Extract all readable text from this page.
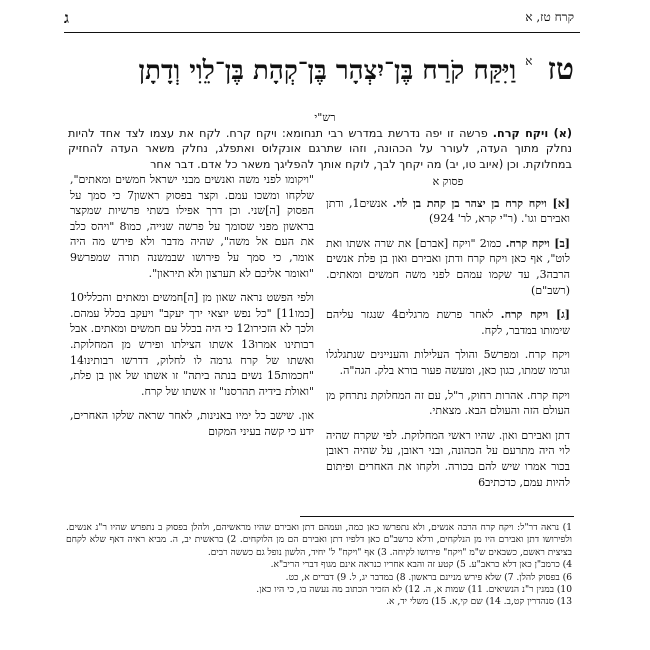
ג	קרח טז, א
טז $^א$ וַיִּקַּח קֹרַח בֶּן־יִצְהָר בֶּן־קְהָת בֶּן־לֵוִי וְדָתָן
רש"י
(א) ויקח קרח. פרשה זו יפה נדרשת במדרש רבי תנחומא: ויקח קרח. לקח את עצמו לצד אחד להיות נחלק מתוך העדה, לעורר על הכהונה, וזהו שתרגם אונקלוס ואתפלג, נחלק משאר העדה להחזיק במחלוקת. וכן (איוב טו, יב) מה יקחך לבך, לוקח אותך להפליגך משאר כל אדם. דבר אחר
פסוק א

[א] ויקח קרח בן יצהר בן קהת בן לוי. אנשים1, ודתן ואבירם וגו'. (ר"י קרא, לר' 924)

[ב] ויקח קרח. כמו2 "ויקח [אברם] את שרה אשתו ואת לוט", אף כאן ויקח קרח ודתן ואבירם ואון בן פלת אנשים הרבה3, עד שקמו עמהם לפני משה חמשים ומאתים. (רשב"ם)

[ג] ויקח קרח. לאחר פרשת מרגלים4 שנגזר עליהם שימותו במדבר, לקח.

ויקח קרח. ומפרש5 והולך העלילות והעניינים שנתגלגלו וגרמו שמתו, כגון כאן, ומעשה פעור בורא בלק. הגה"ה.

ויקח קרח. אהרות רחוק, ר"ל, עם זה המחלוקת נתרחק מן העולם הזה והעולם הבא. מצאתי.

דתן ואבירם ואון. שהיו ראשי המחלוקת. לפי שקרח שהיה לוי היה מתרעם על הכהונה, ובני ראובן, על שהיה ראובן בכור אמרו שיש להם בכורה. ולקחו את האחרים ופיתום להיות עמם, כדכתיב6

"ויקומו לפני משה ואנשים מבני ישראל חמשים ומאתים", שלקחו ומשכו עמם. וקצר בפסוק ראשון7 כי סמך על הפסוק [ה]שני. וכן דרך אפילו בשתי פרשיות שמקצר בראשון מפני שסומך על פרשה שנייה, כמו8 "ויהס כלב את העם אל משה", שהיה מדבר ולא פירש מה היה אומר, כי סמך על פירושו שבמשנה תורה שמפרש9 "ואומר אליכם לא תערצון ולא תיראון".

ולפי הפשט נראה שאון מן [ה]חמשים ומאתים והכללי10 [כמו11] "כל נפש יוצאי ירך יעקב" ויעקב בכלל עמהם. ולכך לא הזכירו12 כי היה בכלל עם חמשים ומאתים. אבל רבותינו אמרו13 אשתו הצילתו ופירש מן המחלוקת. ואשתו של קרח גרמה לו לחלוק, דדרשו רבותינו14 "חכמות15 נשים בנתה ביתה" זו אשתו של און בן פלת, "ואולת בידיה תהרסנו" זו אשתו של קרח.

און. שישב כל ימיו באנינות, לאחר שראה שלקו האחרים, ידע כי קשה בעיני המקום

1) נראה דר"ל: ויקח קרח הרבה אנשים, ולא נתפרשו כאן כמה, ועמהם דתן ואבירם שהיו מראשיהם, ולהלן בפסוק ב נתפרש שהיו ר"נ אנשים. ולפירושו דתן ואבירם היו מן הנלקחים, ודלא כרשב"ם כאן דלפיו דתן ואבירם הם מן הלוקחים. 2) בראשית יב, ה. מביא ראיה דאף שלא לקחם בציצית ראשם, כשבאים ש"מ "ויקח" פירושו לקיחה. 3) אף "ויקח" ל' יחיד, הלשון נופל גם כששה רבים.

4) כרמב"ן כאן דלא כראב"ע. 5) קטע זה והבא אחריו כנראה אינם מגוף דברי הריב"א.

6) בפסוק להלן. 7) שלא פירש מניינם בראשון. 8) במדבר יג, ל. 9) דברים א, כט.

10) במנין ר"נ הנשיאים. 11) שמות א, ה. 12) לא הזכיר הכתוב מה נעשה בו, כי היו כאן.

13) סנהדרין קט,ב. 14) שם קי,א. 15) משלי יד, א.
